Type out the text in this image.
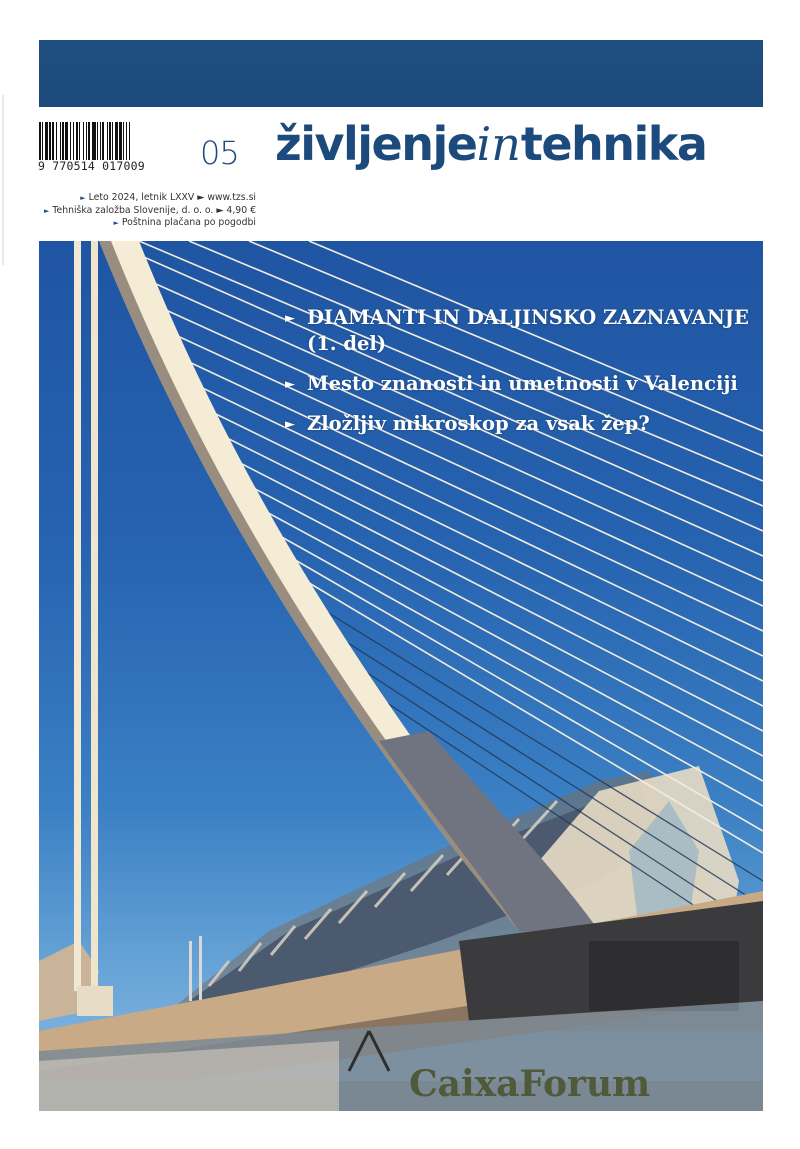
9 770514 017009	05 življenjeintehnika
► Leto 2024, letnik LXXV ► www.tzs.si
► Tehniška založba Slovenije, d. o. o. ► 4,90 €
► Poštnina plačana po pogodbi
CaixaForum
► DIAMANTI IN DALJINSKO ZAZNAVANJE
(1. del)
► Mesto znanosti in umetnosti v Valenciji
► Zložljiv mikroskop za vsak žep?
